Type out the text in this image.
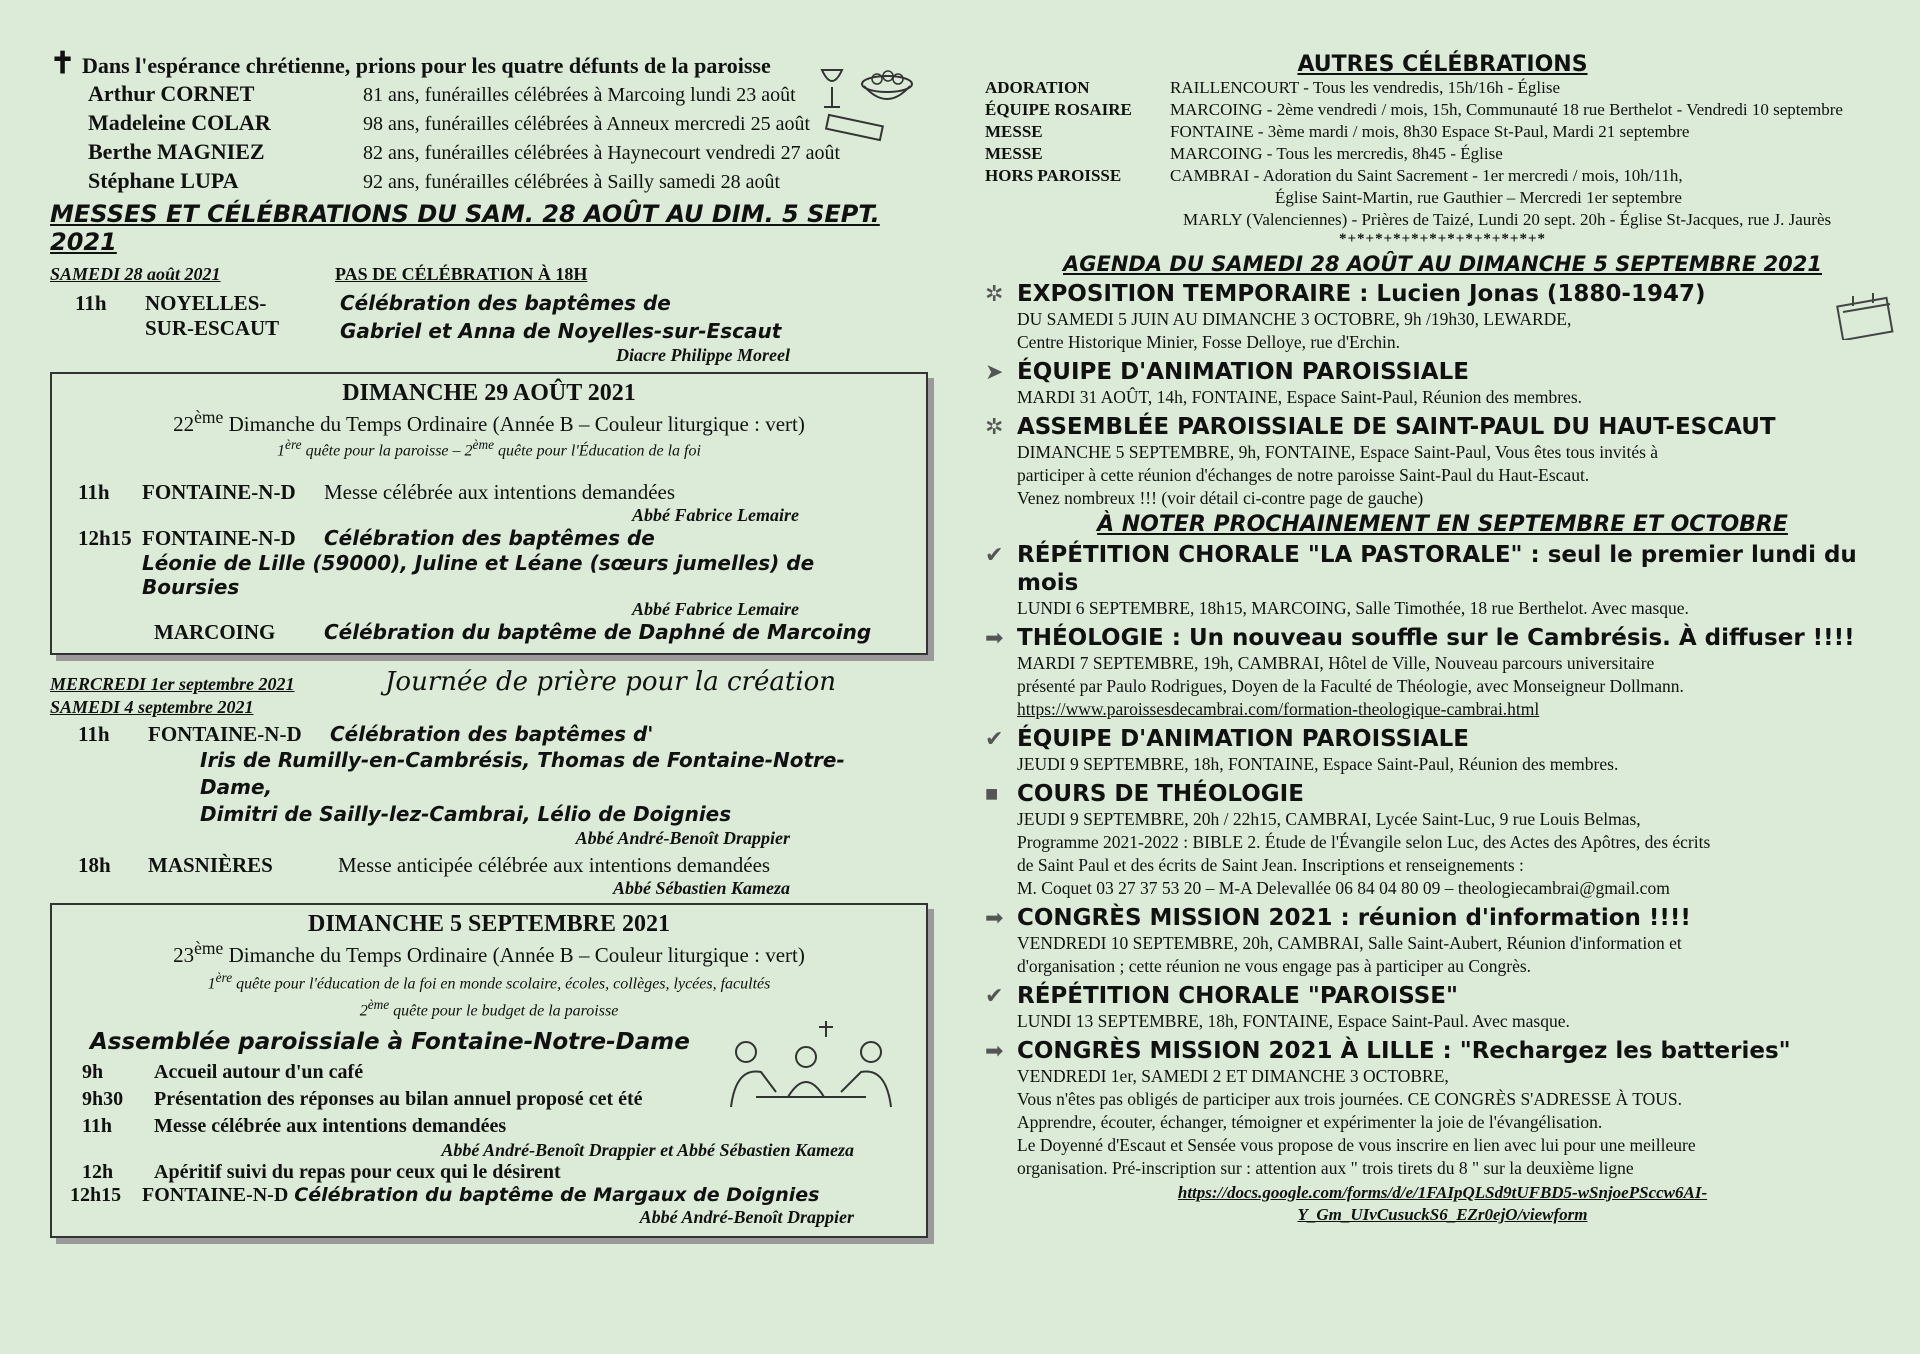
✝ Dans l'espérance chrétienne, prions pour les quatre défunts de la paroisse
Arthur CORNET	81 ans, funérailles célébrées à Marcoing lundi 23 août
Madeleine COLAR	98 ans, funérailles célébrées à Anneux mercredi 25 août
Berthe MAGNIEZ	82 ans, funérailles célébrées à Haynecourt vendredi 27 août
Stéphane LUPA	92 ans, funérailles célébrées à Sailly samedi 28 août
MESSES ET CÉLÉBRATIONS DU SAM. 28 AOÛT AU DIM. 5 SEPT. 2021
SAMEDI 28 août 2021	PAS DE CÉLÉBRATION À 18H
11h	NOYELLES-
SUR-ESCAUT
Célébration des baptêmes de
Gabriel et Anna de Noyelles-sur-Escaut
Diacre Philippe Moreel
DIMANCHE 29 AOÛT 2021
22ème Dimanche du Temps Ordinaire (Année B – Couleur liturgique : vert)
1ère quête pour la paroisse – 2ème quête pour l'Éducation de la foi
11h	FONTAINE-N-D	Messe célébrée aux intentions demandées
Abbé Fabrice Lemaire
12h15 FONTAINE-N-D	Célébration des baptêmes de
Léonie de Lille (59000), Juline et Léane (sœurs jumelles) de Boursies
Abbé Fabrice Lemaire
MARCOING	Célébration du baptême de Daphné de Marcoing
MERCREDI 1er septembre 2021	Journée de prière pour la création
SAMEDI 4 septembre 2021
11h	FONTAINE-N-D	Célébration des baptêmes d'
Iris de Rumilly-en-Cambrésis, Thomas de Fontaine-Notre-Dame,
Dimitri de Sailly-lez-Cambrai, Lélio de Doignies
Abbé André-Benoît Drappier
18h	MASNIÈRES	Messe anticipée célébrée aux intentions demandées
Abbé Sébastien Kameza
DIMANCHE 5 SEPTEMBRE 2021
23ème Dimanche du Temps Ordinaire (Année B – Couleur liturgique : vert)
1ère quête pour l'éducation de la foi en monde scolaire, écoles, collèges, lycées, facultés
2ème quête pour le budget de la paroisse
Assemblée paroissiale à Fontaine-Notre-Dame
9h	Accueil autour d'un café
9h30	Présentation des réponses au bilan annuel proposé cet été
11h	Messe célébrée aux intentions demandées
Abbé André-Benoît Drappier et Abbé Sébastien Kameza
12h	Apéritif suivi du repas pour ceux qui le désirent
12h15	FONTAINE-N-D Célébration du baptême de Margaux de Doignies
Abbé André-Benoît Drappier
AUTRES CÉLÉBRATIONS
ADORATION	RAILLENCOURT - Tous les vendredis, 15h/16h - Église
ÉQUIPE ROSAIRE	MARCOING - 2ème vendredi / mois, 15h, Communauté 18 rue Berthelot - Vendredi 10 septembre
MESSE	FONTAINE - 3ème mardi / mois, 8h30 Espace St-Paul, Mardi 21 septembre
MESSE	MARCOING - Tous les mercredis, 8h45 - Église
HORS PAROISSE	CAMBRAI - Adoration du Saint Sacrement - 1er mercredi / mois, 10h/11h,
Église Saint-Martin, rue Gauthier – Mercredi 1er septembre
MARLY (Valenciennes) - Prières de Taizé, Lundi 20 sept. 20h - Église St-Jacques, rue J. Jaurès
*+*+*+*+*+*+*+*+*+*+*+*
AGENDA DU SAMEDI 28 AOÛT AU DIMANCHE 5 SEPTEMBRE 2021
✲ EXPOSITION TEMPORAIRE : Lucien Jonas (1880-1947)
DU SAMEDI 5 JUIN AU DIMANCHE 3 OCTOBRE, 9h /19h30, LEWARDE,
Centre Historique Minier, Fosse Delloye, rue d'Erchin.
➤ ÉQUIPE D'ANIMATION PAROISSIALE
MARDI 31 AOÛT, 14h, FONTAINE, Espace Saint-Paul, Réunion des membres.
✲ ASSEMBLÉE PAROISSIALE DE SAINT-PAUL DU HAUT-ESCAUT
DIMANCHE 5 SEPTEMBRE, 9h, FONTAINE, Espace Saint-Paul, Vous êtes tous invités à
participer à cette réunion d'échanges de notre paroisse Saint-Paul du Haut-Escaut.
Venez nombreux !!! (voir détail ci-contre page de gauche)
À NOTER PROCHAINEMENT EN SEPTEMBRE ET OCTOBRE
✔ RÉPÉTITION CHORALE "LA PASTORALE" : seul le premier lundi du mois
LUNDI 6 SEPTEMBRE, 18h15, MARCOING, Salle Timothée, 18 rue Berthelot. Avec masque.
➡ THÉOLOGIE : Un nouveau souffle sur le Cambrésis. À diffuser !!!!
MARDI 7 SEPTEMBRE, 19h, CAMBRAI, Hôtel de Ville, Nouveau parcours universitaire
présenté par Paulo Rodrigues, Doyen de la Faculté de Théologie, avec Monseigneur Dollmann.
https://www.paroissesdecambrai.com/formation-theologique-cambrai.html
✔ ÉQUIPE D'ANIMATION PAROISSIALE
JEUDI 9 SEPTEMBRE, 18h, FONTAINE, Espace Saint-Paul, Réunion des membres.
■ COURS DE THÉOLOGIE
JEUDI 9 SEPTEMBRE, 20h / 22h15, CAMBRAI, Lycée Saint-Luc, 9 rue Louis Belmas,
Programme 2021-2022 : BIBLE 2. Étude de l'Évangile selon Luc, des Actes des Apôtres, des écrits
de Saint Paul et des écrits de Saint Jean. Inscriptions et renseignements :
M. Coquet 03 27 37 53 20 – M-A Delevallée 06 84 04 80 09 – theologiecambrai@gmail.com
➡ CONGRÈS MISSION 2021 : réunion d'information !!!!
VENDREDI 10 SEPTEMBRE, 20h, CAMBRAI, Salle Saint-Aubert, Réunion d'information et
d'organisation ; cette réunion ne vous engage pas à participer au Congrès.
✔ RÉPÉTITION CHORALE "PAROISSE"
LUNDI 13 SEPTEMBRE, 18h, FONTAINE, Espace Saint-Paul. Avec masque.
➡ CONGRÈS MISSION 2021 À LILLE : "Rechargez les batteries"
VENDREDI 1er, SAMEDI 2 ET DIMANCHE 3 OCTOBRE,
Vous n'êtes pas obligés de participer aux trois journées. CE CONGRÈS S'ADRESSE À TOUS.
Apprendre, écouter, échanger, témoigner et expérimenter la joie de l'évangélisation.
Le Doyenné d'Escaut et Sensée vous propose de vous inscrire en lien avec lui pour une meilleure
organisation. Pré-inscription sur : attention aux " trois tirets du 8 " sur la deuxième ligne
https://docs.google.com/forms/d/e/1FAIpQLSd9tUFBD5-wSnjoePSccw6AI-
Y_Gm_UIvCusuckS6_EZr0ejO/viewform
